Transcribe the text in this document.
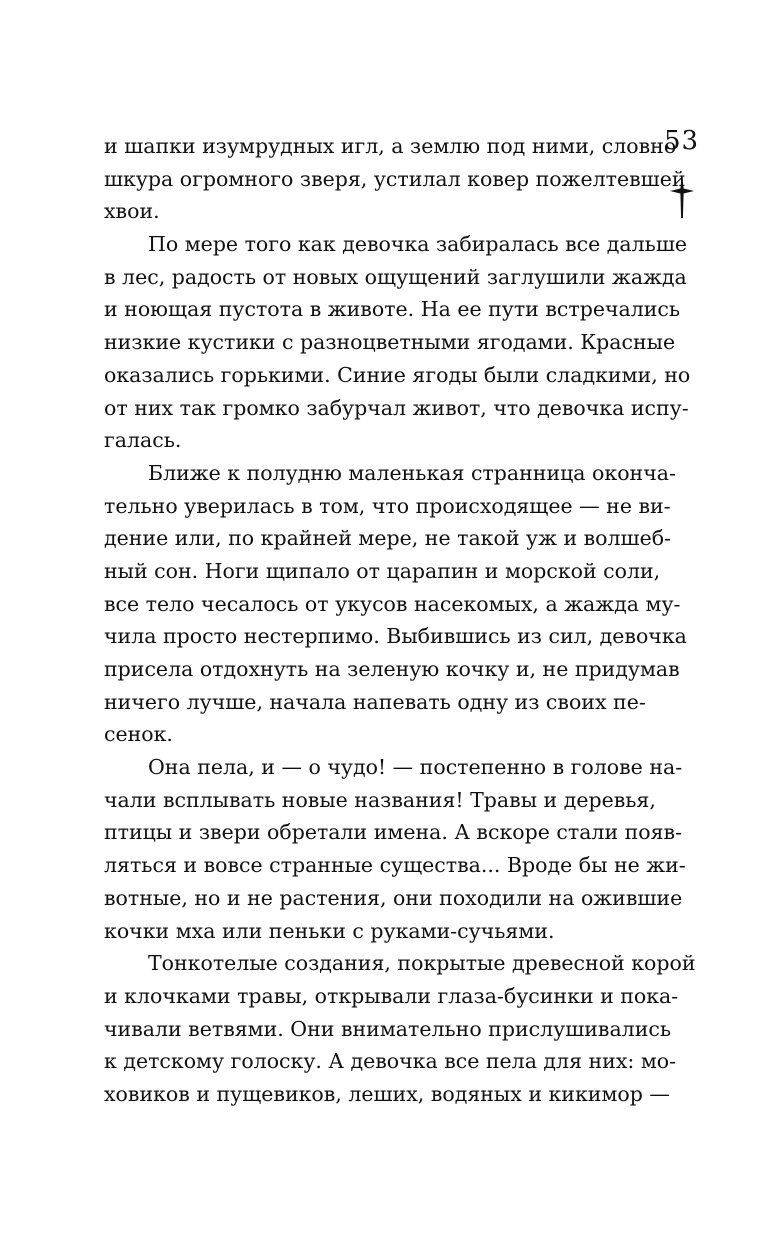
53
и шапки изумрудных игл, а землю под ними, словно
шкура огромного зверя, устилал ковер пожелтевшей
хвои.
По мере того как девочка забиралась все дальше
в лес, радость от новых ощущений заглушили жажда
и ноющая пустота в животе. На ее пути встречались
низкие кустики с разноцветными ягодами. Красные
оказались горькими. Синие ягоды были сладкими, но
от них так громко забурчал живот, что девочка испу-
галась.
Ближе к полудню маленькая странница оконча-
тельно уверилась в том, что происходящее — не ви-
дение или, по крайней мере, не такой уж и волшеб-
ный сон. Ноги щипало от царапин и морской соли,
все тело чесалось от укусов насекомых, а жажда му-
чила просто нестерпимо. Выбившись из сил, девочка
присела отдохнуть на зеленую кочку и, не придумав
ничего лучше, начала напевать одну из своих пе-
сенок.
Она пела, и — о чудо! — постепенно в голове на-
чали всплывать новые названия! Травы и деревья,
птицы и звери обретали имена. А вскоре стали появ-
ляться и вовсе странные существа... Вроде бы не жи-
вотные, но и не растения, они походили на ожившие
кочки мха или пеньки с руками-сучьями.
Тонкотелые создания, покрытые древесной корой
и клочками травы, открывали глаза-бусинки и пока-
чивали ветвями. Они внимательно прислушивались
к детскому голоску. А девочка все пела для них: мо-
ховиков и пущевиков, леших, водяных и кикимор —
